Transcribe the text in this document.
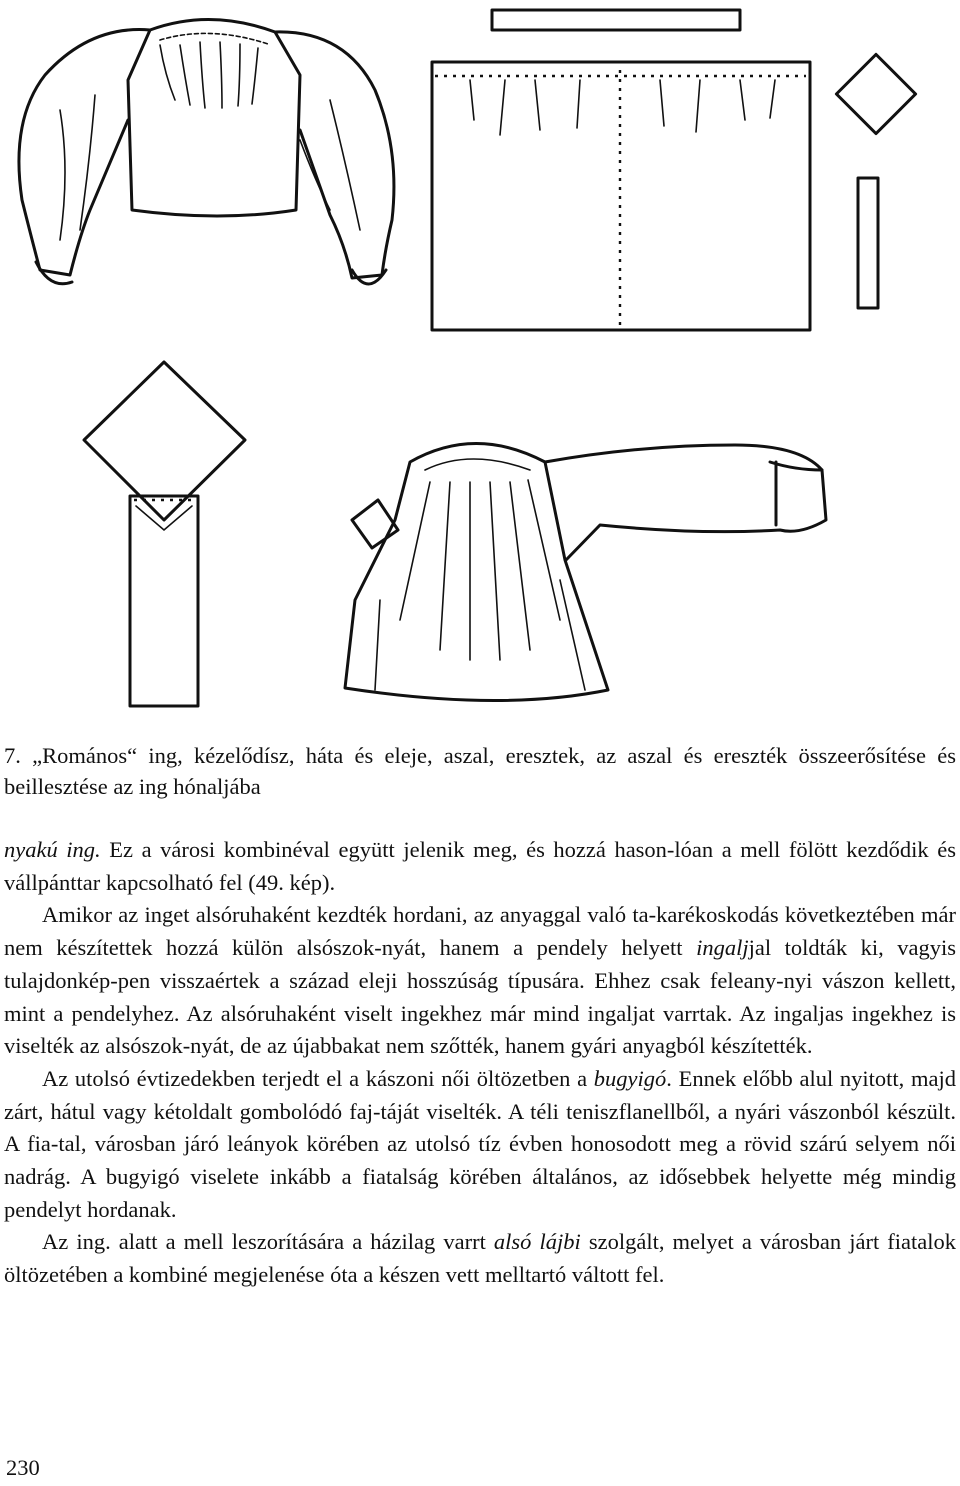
7. „Romános“ ing, kézelődísz, háta és eleje, aszal, eresztek, az aszal és ereszték összeerősítése és beillesztése az ing hónaljába

nyakú ing. Ez a városi kombinéval együtt jelenik meg, és hozzá hason-lóan a mell fölött kezdődik és vállpánttar kapcsolható fel (49. kép).

Amikor az inget alsóruhaként kezdték hordani, az anyaggal való ta-karékoskodás következtében már nem készítettek hozzá külön alsószok-nyát, hanem a pendely helyett ingaljjal toldták ki, vagyis tulajdonkép-pen visszaértek a század eleji hosszúság típusára. Ehhez csak feleany-nyi vászon kellett, mint a pendelyhez. Az alsóruhaként viselt ingekhez már mind ingaljat varrtak. Az ingaljas ingekhez is viselték az alsószok-nyát, de az újabbakat nem szőtték, hanem gyári anyagból készítették.

Az utolsó évtizedekben terjedt el a kászoni női öltözetben a bugyigó. Ennek előbb alul nyitott, majd zárt, hátul vagy kétoldalt gombolódó faj-táját viselték. A téli teniszflanellből, a nyári vászonból készült. A fia-tal, városban járó leányok körében az utolsó tíz évben honosodott meg a rövid szárú selyem női nadrág. A bugyigó viselete inkább a fiatalság körében általános, az idősebbek helyette még mindig pendelyt hordanak.

Az ing. alatt a mell leszorítására a házilag varrt alsó lájbi szolgált, melyet a városban járt fiatalok öltözetében a kombiné megjelenése óta a készen vett melltartó váltott fel.

230
